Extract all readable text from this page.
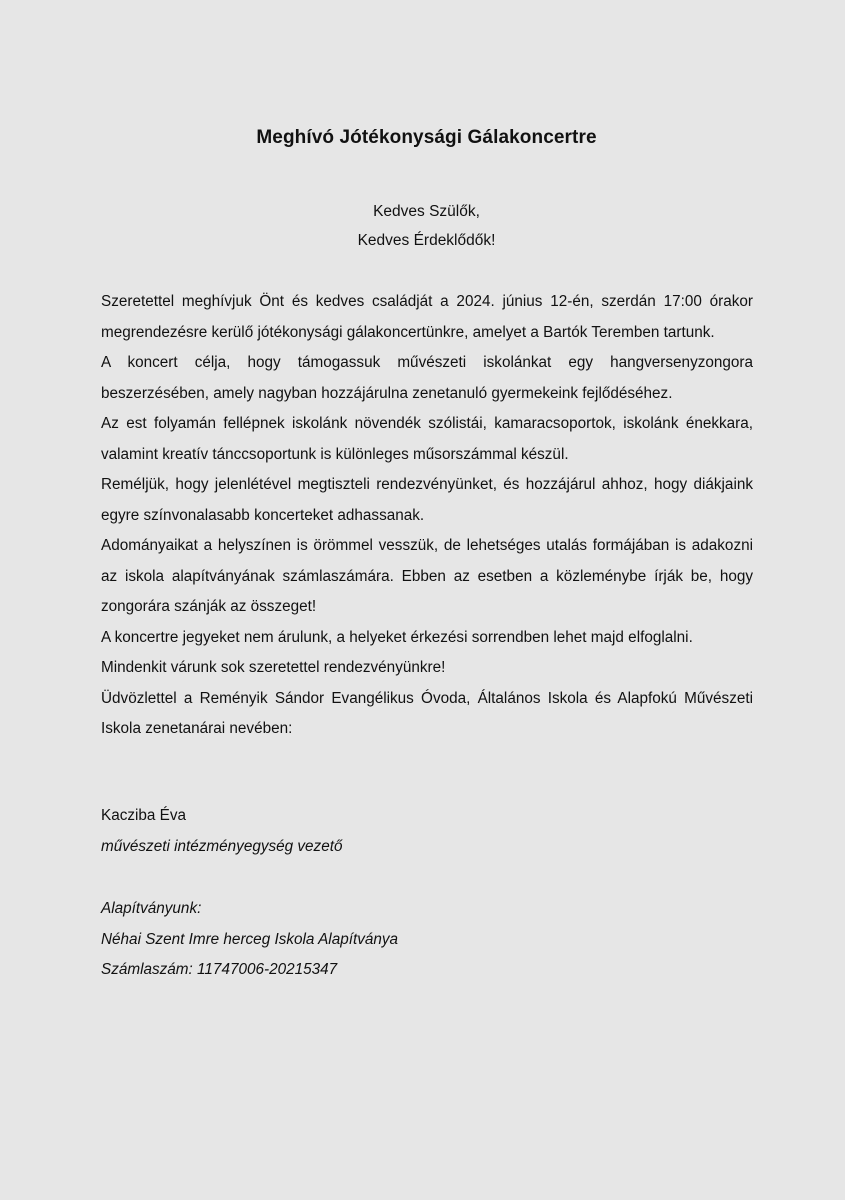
Meghívó Jótékonysági Gálakoncertre
Kedves Szülők,
Kedves Érdeklődők!

Szeretettel meghívjuk Önt és kedves családját a 2024. június 12-én, szerdán 17:00 órakor megrendezésre kerülő jótékonysági gálakoncertünkre, amelyet a Bartók Teremben tartunk.

A koncert célja, hogy támogassuk művészeti iskolánkat egy hangversenyzongora beszerzésében, amely nagyban hozzájárulna zenetanuló gyermekeink fejlődéséhez.

Az est folyamán fellépnek iskolánk növendék szólistái, kamaracsoportok, iskolánk énekkara, valamint kreatív tánccsoportunk is különleges műsorszámmal készül.

Reméljük, hogy jelenlétével megtiszteli rendezvényünket, és hozzájárul ahhoz, hogy diákjaink egyre színvonalasabb koncerteket adhassanak.

Adományaikat a helyszínen is örömmel vesszük, de lehetséges utalás formájában is adakozni az iskola alapítványának számlaszámára. Ebben az esetben a közleménybe írják be, hogy zongorára szánják az összeget!

A koncertre jegyeket nem árulunk, a helyeket érkezési sorrendben lehet majd elfoglalni.

Mindenkit várunk sok szeretettel rendezvényünkre!

Üdvözlettel a Reményik Sándor Evangélikus Óvoda, Általános Iskola és Alapfokú Művészeti Iskola zenetanárai nevében:

Kacziba Éva
művészeti intézményegység vezető
Alapítványunk:
Néhai Szent Imre herceg Iskola Alapítványa
Számlaszám: 11747006-20215347
